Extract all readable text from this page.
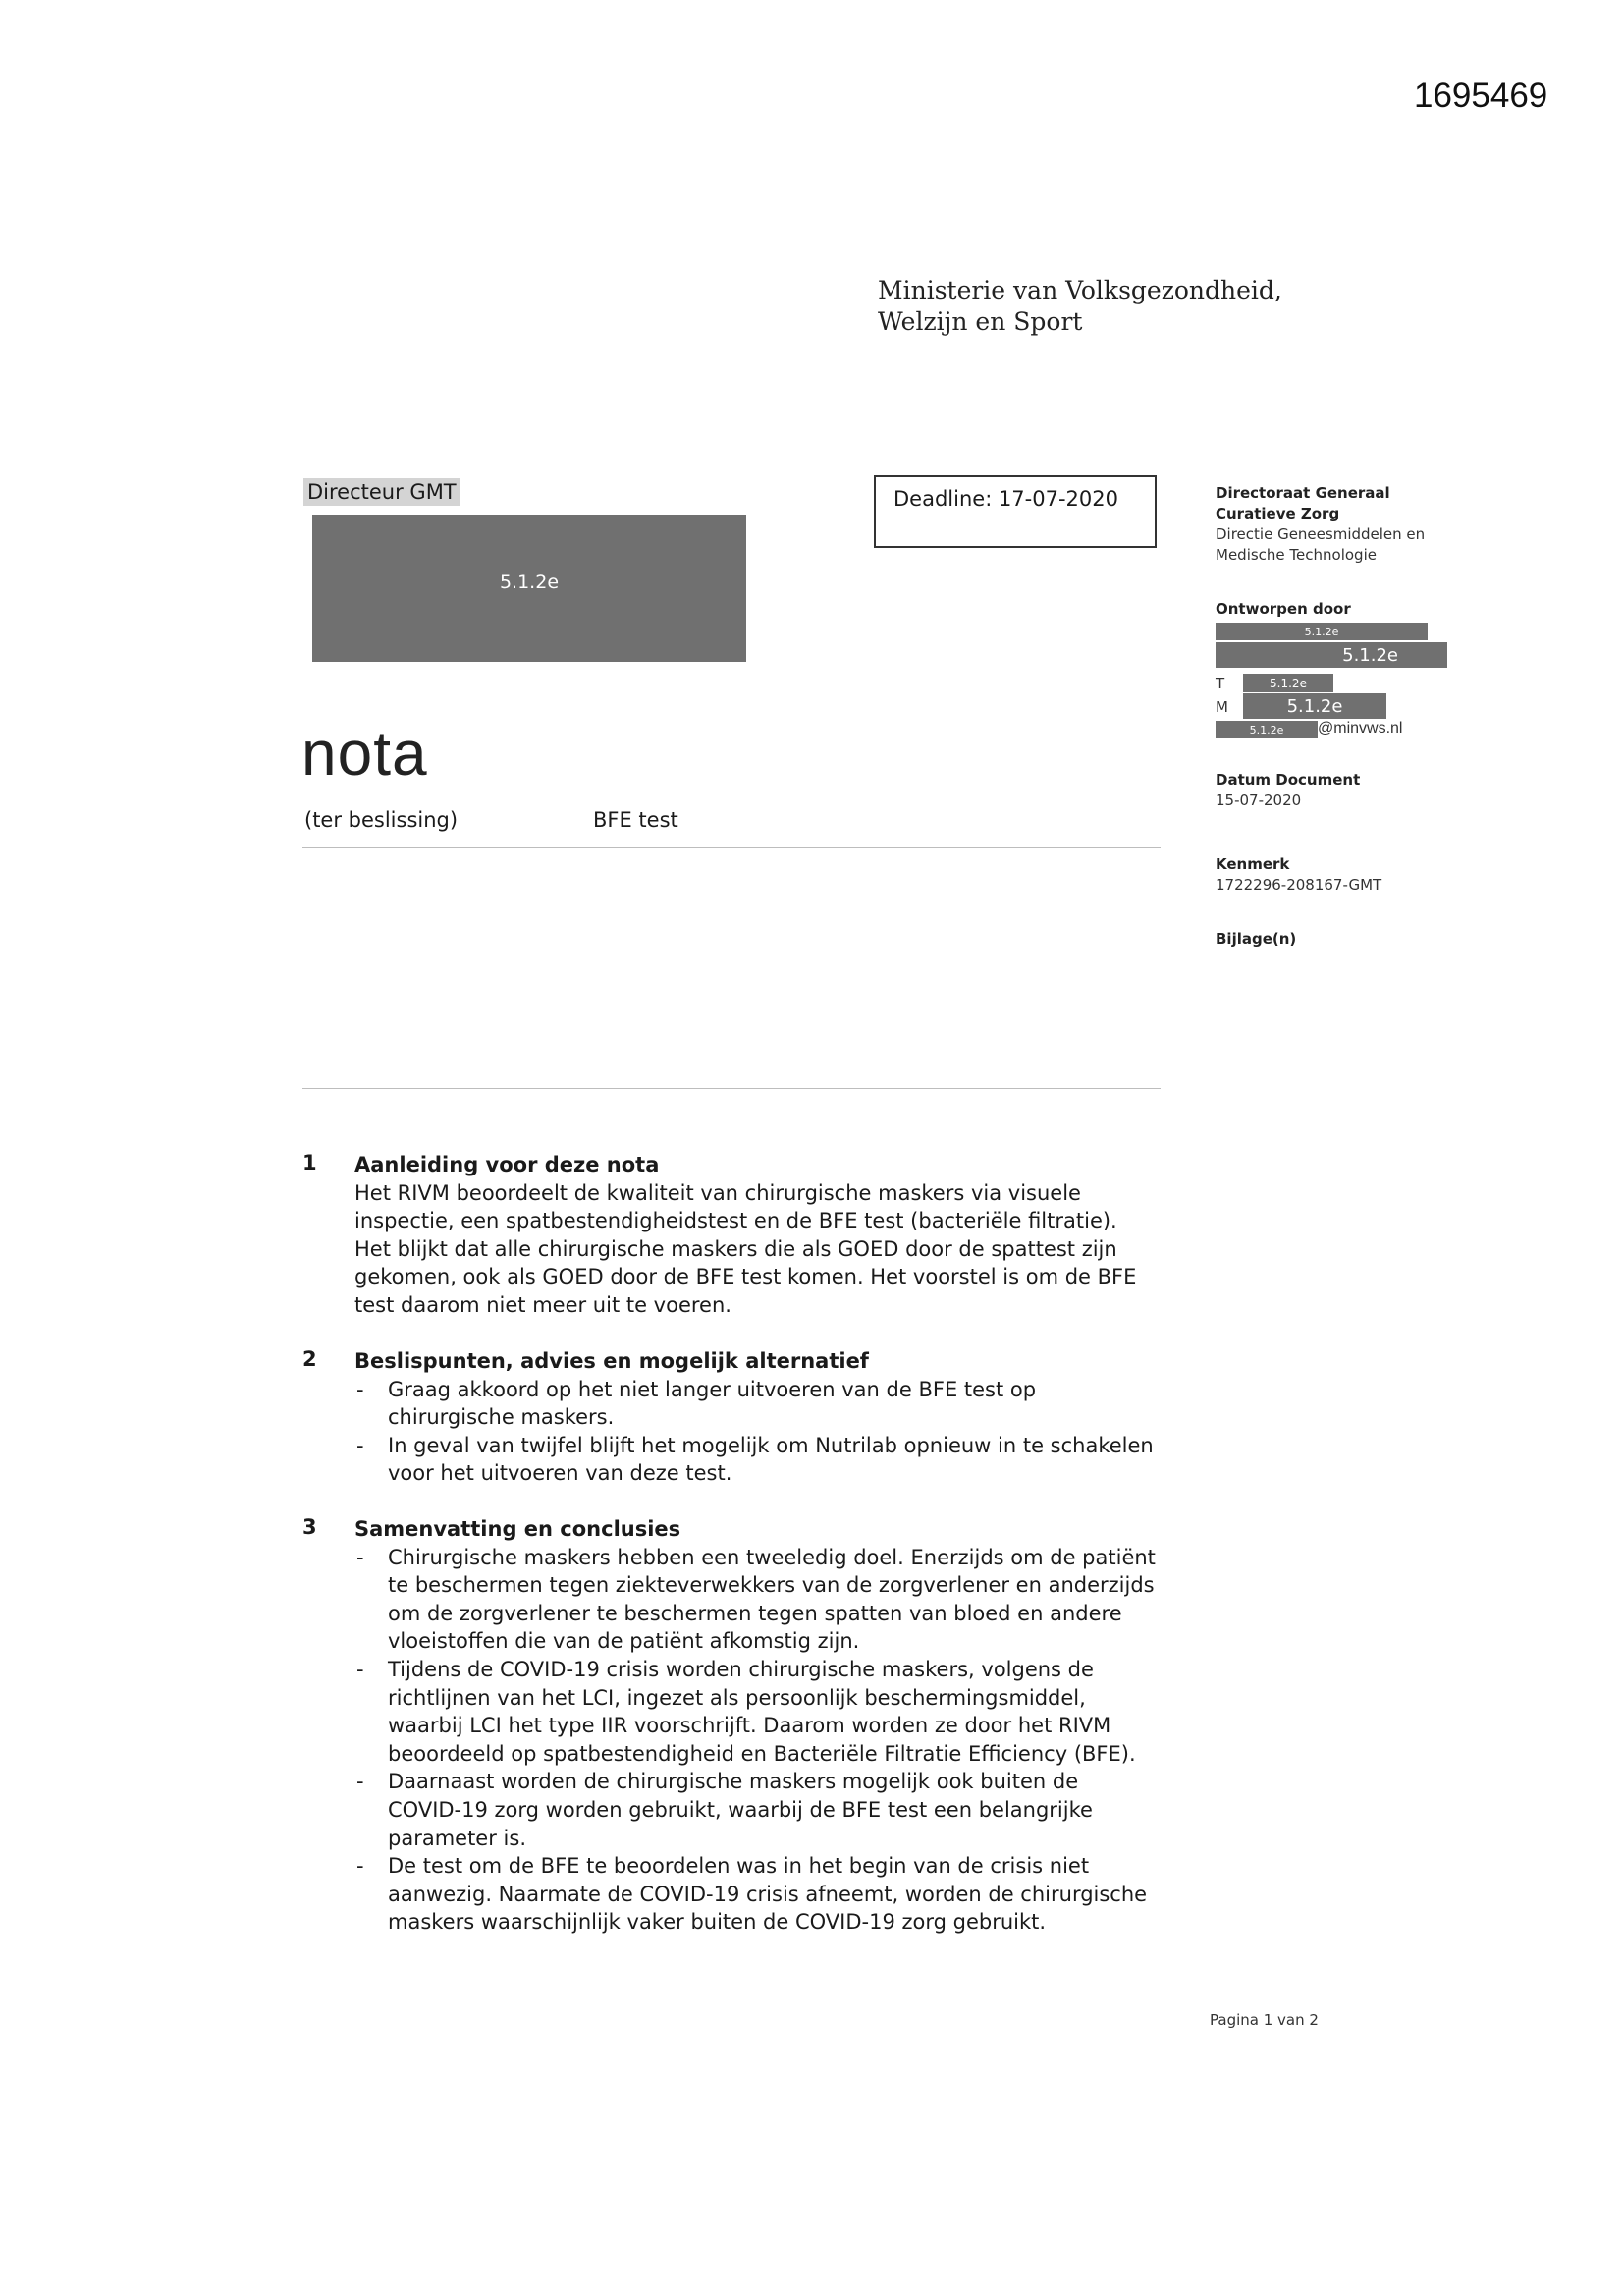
1695469
Ministerie van Volksgezondheid,
Welzijn en Sport
Directeur GMT
5.1.2e
Deadline: 17-07-2020
nota
(ter beslissing)	BFE test
Directoraat Generaal
Curatieve Zorg
Directie Geneesmiddelen en
Medische Technologie
Ontworpen door
5.1.2e
5.1.2e
T	5.1.2e
M	5.1.2e
5.1.2e @minvws.nl
Datum Document
15-07-2020
Kenmerk
1722296-208167-GMT
Bijlage(n)
1 Aanleiding voor deze nota
Het RIVM beoordeelt de kwaliteit van chirurgische maskers via visuele
inspectie, een spatbestendigheidstest en de BFE test (bacteriële filtratie).
Het blijkt dat alle chirurgische maskers die als GOED door de spattest zijn
gekomen, ook als GOED door de BFE test komen. Het voorstel is om de BFE
test daarom niet meer uit te voeren.
2 Beslispunten, advies en mogelijk alternatief
- Graag akkoord op het niet langer uitvoeren van de BFE test op
chirurgische maskers.
- In geval van twijfel blijft het mogelijk om Nutrilab opnieuw in te schakelen
voor het uitvoeren van deze test.
3 Samenvatting en conclusies
- Chirurgische maskers hebben een tweeledig doel. Enerzijds om de patiënt
te beschermen tegen ziekteverwekkers van de zorgverlener en anderzijds
om de zorgverlener te beschermen tegen spatten van bloed en andere
vloeistoffen die van de patiënt afkomstig zijn.
- Tijdens de COVID-19 crisis worden chirurgische maskers, volgens de
richtlijnen van het LCI, ingezet als persoonlijk beschermingsmiddel,
waarbij LCI het type IIR voorschrijft. Daarom worden ze door het RIVM
beoordeeld op spatbestendigheid en Bacteriële Filtratie Efficiency (BFE).
- Daarnaast worden de chirurgische maskers mogelijk ook buiten de
COVID-19 zorg worden gebruikt, waarbij de BFE test een belangrijke
parameter is.
- De test om de BFE te beoordelen was in het begin van de crisis niet
aanwezig. Naarmate de COVID-19 crisis afneemt, worden de chirurgische
maskers waarschijnlijk vaker buiten de COVID-19 zorg gebruikt.
Pagina 1 van 2
